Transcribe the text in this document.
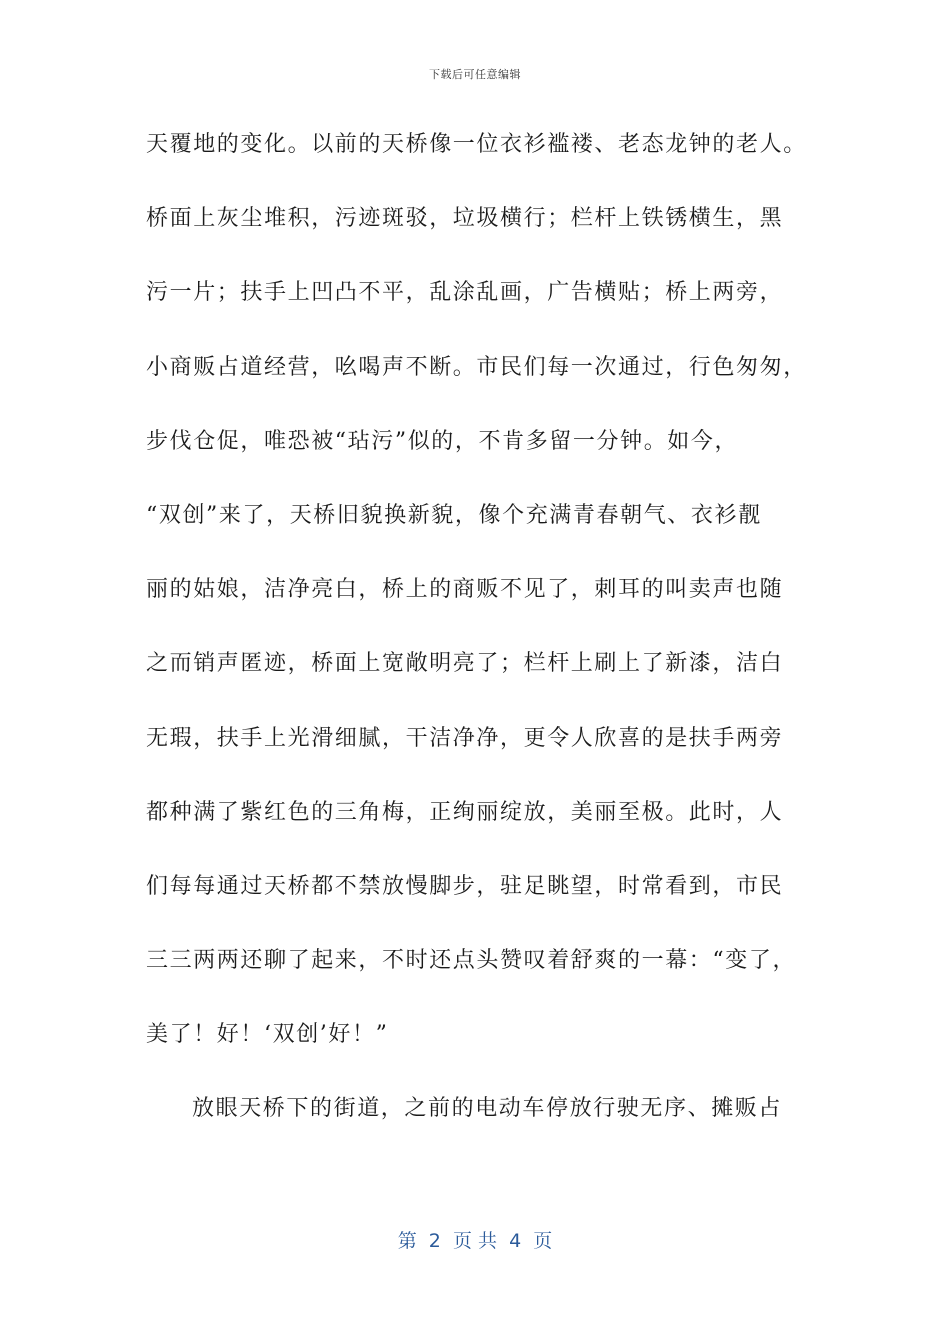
下载后可任意编辑
天覆地的变化。以前的天桥像一位衣衫褴褛、老态龙钟的老人。
桥面上灰尘堆积，污迹斑驳，垃圾横行；栏杆上铁锈横生，黑
污一片；扶手上凹凸不平，乱涂乱画，广告横贴；桥上两旁，
小商贩占道经营，吆喝声不断。市民们每一次通过，行色匆匆，
步伐仓促，唯恐被“玷污”似的，不肯多留一分钟。如今，
“双创”来了，天桥旧貌换新貌，像个充满青春朝气、衣衫靓
丽的姑娘，洁净亮白，桥上的商贩不见了，刺耳的叫卖声也随
之而销声匿迹，桥面上宽敞明亮了；栏杆上刷上了新漆，洁白
无瑕，扶手上光滑细腻，干洁净净，更令人欣喜的是扶手两旁
都种满了紫红色的三角梅，正绚丽绽放，美丽至极。此时，人
们每每通过天桥都不禁放慢脚步，驻足眺望，时常看到，市民
三三两两还聊了起来，不时还点头赞叹着舒爽的一幕：“变了，
美了！好！‘双创’好！”
放眼天桥下的街道，之前的电动车停放行驶无序、摊贩占
第  2  页 共  4  页
